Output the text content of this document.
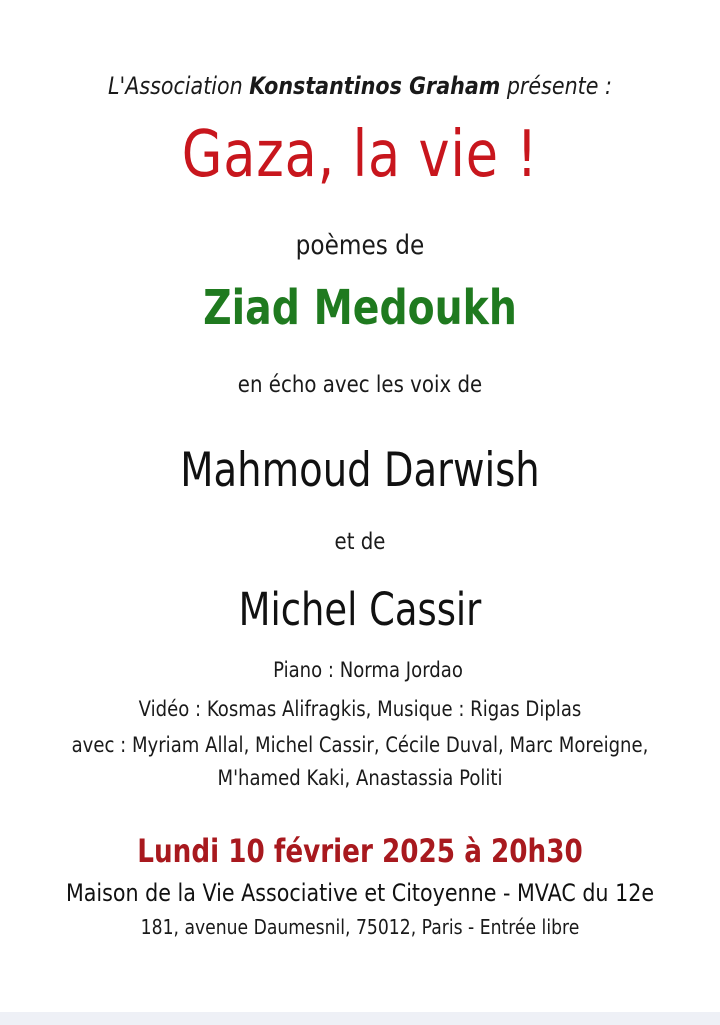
L'Association Konstantinos Graham présente :
Gaza, la vie !
poèmes de
Ziad Medoukh
en écho avec les voix de
Mahmoud Darwish
et de
Michel Cassir
Piano : Norma Jordao
Vidéo : Kosmas Alifragkis, Musique : Rigas Diplas
avec : Myriam Allal, Michel Cassir, Cécile Duval, Marc Moreigne,
M'hamed Kaki, Anastassia Politi
Lundi 10 février 2025 à 20h30
Maison de la Vie Associative et Citoyenne - MVAC du 12e
181, avenue Daumesnil, 75012, Paris - Entrée libre
